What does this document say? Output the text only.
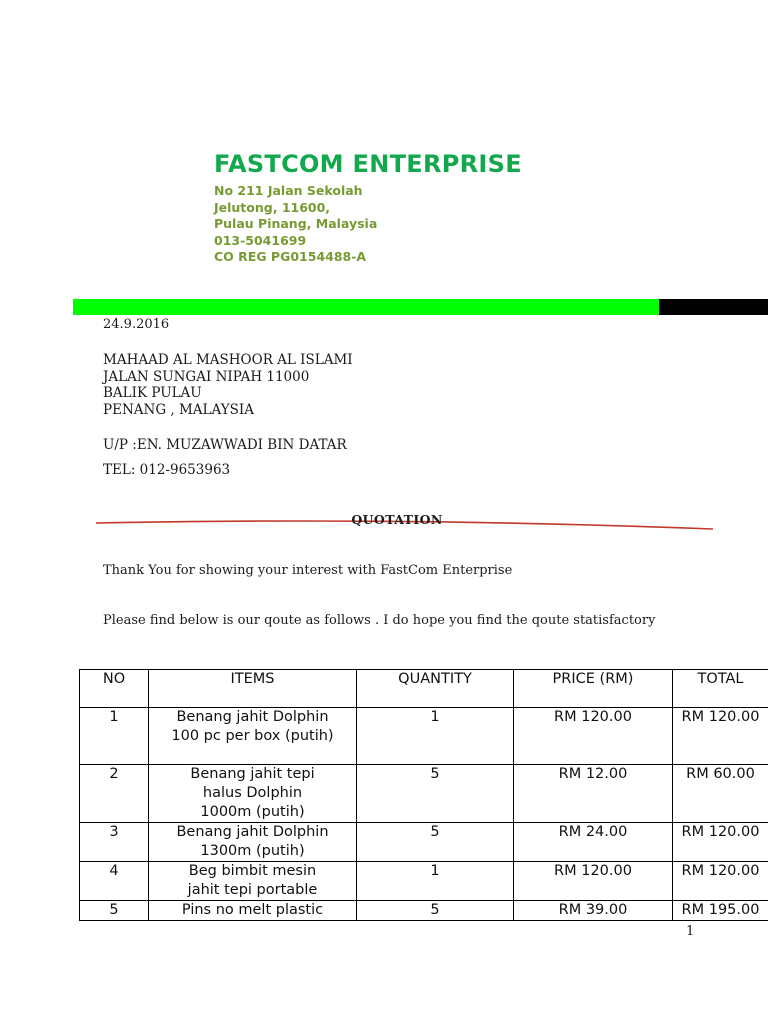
FASTCOM ENTERPRISE
No 211 Jalan Sekolah
Jelutong, 11600,
Pulau Pinang, Malaysia
013-5041699
CO REG PG0154488-A
24.9.2016
MAHAAD AL MASHOOR AL ISLAMI
JALAN SUNGAI NIPAH 11000
BALIK PULAU
PENANG , MALAYSIA
U/P :EN. MUZAWWADI BIN DATAR
TEL: 012-9653963
QUOTATION
Thank You for showing your interest with FastCom Enterprise
Please find below is our qoute as follows . I do hope you find the qoute statisfactory
NO	ITEMS	QUANTITY	PRICE (RM)	TOTAL
1	Benang jahit Dolphin 100 pc per box (putih)	1	RM 120.00	RM 120.00
2	Benang jahit tepi halus Dolphin 1000m (putih)	5	RM 12.00	RM 60.00
3	Benang jahit Dolphin 1300m (putih)	5	RM 24.00	RM 120.00
4	Beg bimbit mesin jahit tepi portable	1	RM 120.00	RM 120.00
5	Pins no melt plastic	5	RM 39.00	RM 195.00
1
